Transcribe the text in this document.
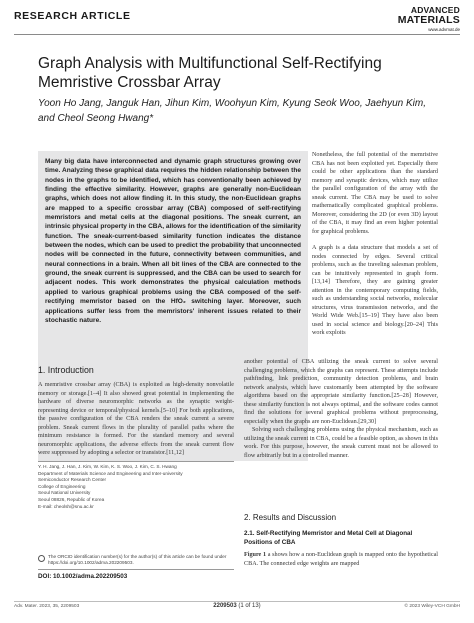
RESEARCH ARTICLE	ADVANCED
MATERIALS
www.advmat.de
Graph Analysis with Multifunctional Self-Rectifying Memristive Crossbar Array
Yoon Ho Jang, Janguk Han, Jihun Kim, Woohyun Kim, Kyung Seok Woo, Jaehyun Kim, and Cheol Seong Hwang*
Many big data have interconnected and dynamic graph structures growing over time. Analyzing these graphical data requires the hidden relationship between the nodes in the graphs to be identified, which has conventionally been achieved by finding the effective similarity. However, graphs are generally non-Euclidean graphs, which does not allow finding it. In this study, the non-Euclidean graphs are mapped to a specific crossbar array (CBA) composed of self-rectifying memristors and metal cells at the diagonal positions. The sneak current, an intrinsic physical property in the CBA, allows for the identification of the similarity function. The sneak-current-based similarity function indicates the distance between the nodes, which can be used to predict the probability that unconnected nodes will be connected in the future, connectivity between communities, and neural connections in a brain. When all bit lines of the CBA are connected to the ground, the sneak current is suppressed, and the CBA can be used to search for adjacent nodes. This work demonstrates the physical calculation methods applied to various graphical problems using the CBA composed of the self-rectifying memristor based on the HfO₂ switching layer. Moreover, such applications suffer less from the memristors' inherent issues related to their stochastic nature.
1. Introduction
A memristive crossbar array (CBA) is exploited as high-density nonvolatile memory or storage.[1–4] It also showed great potential in implementing the hardware of diverse neuromorphic networks as the synaptic weight-representing device or temporal/physical kernels.[5–10] For both applications, the passive configuration of the CBA renders the sneak current a severe problem. Sneak current flows in the plurality of parallel paths where the minimum resistance is formed. For the standard memory and several neuromorphic applications, the adverse effects from the sneak current flow were suppressed by adopting a selector or transistor.[11,12]
Nonetheless, the full potential of the memristive CBA has not been exploited yet. Especially there could be other applications than the standard memory and synaptic devices, which may utilize the parallel configuration of the array with the sneak current. The CBA may be used to solve mathematically complicated graphical problems. Moreover, considering the 2D (or even 3D) layout of the CBA, it may find an even higher potential for graphical problems.
A graph is a data structure that models a set of nodes connected by edges. Several critical problems, such as the traveling salesman problem, can be intuitively represented in graph form.[13,14] Therefore, they are gaining greater attention in the contemporary computing fields, such as understanding social networks, molecular structures, virus transmission networks, and the World Wide Web.[15–19] They have also been used in social science and biology.[20–24] This work exploits

another potential of CBA utilizing the sneak current to solve several challenging problems, which the graphs can represent. These attempts include pathfinding, link prediction, community detection problems, and brain network analysis, which have customarily been attempted by the software algorithms based on the appropriate similarity function.[25–28] However, these similarity function is not always optimal, and the software codes cannot find the solutions for several graphical problems without preprocessing, especially when the graphs are non-Euclidean.[29,30]

Solving such challenging problems using the physical mechanism, such as utilizing the sneak current in CBA, could be a feasible option, as shown in this work. For this purpose, however, the sneak current must not be allowed to flow arbitrarily but in a controlled manner.

2. Results and Discussion
2.1. Self-Rectifying Memristor and Metal Cell at Diagonal Positions of CBA
Figure 1 a shows how a non-Euclidean graph is mapped onto the hypothetical CBA. The connected edge weights are mapped
Y. H. Jang, J. Han, J. Kim, W. Kim, K. S. Woo, J. Kim, C. S. Hwang
Department of Materials Science and Engineering and Inter-university
Semiconductor Research Center
College of Engineering
Seoul National University
Seoul 08826, Republic of Korea
E-mail: cheolsh@snu.ac.kr
The ORCID identification number(s) for the author(s) of this article can be found under https://doi.org/10.1002/adma.202209503.
DOI: 10.1002/adma.202209503
Adv. Mater. 2023, 35, 2209503	2209503 (1 of 13)	© 2023 Wiley-VCH GmbH
